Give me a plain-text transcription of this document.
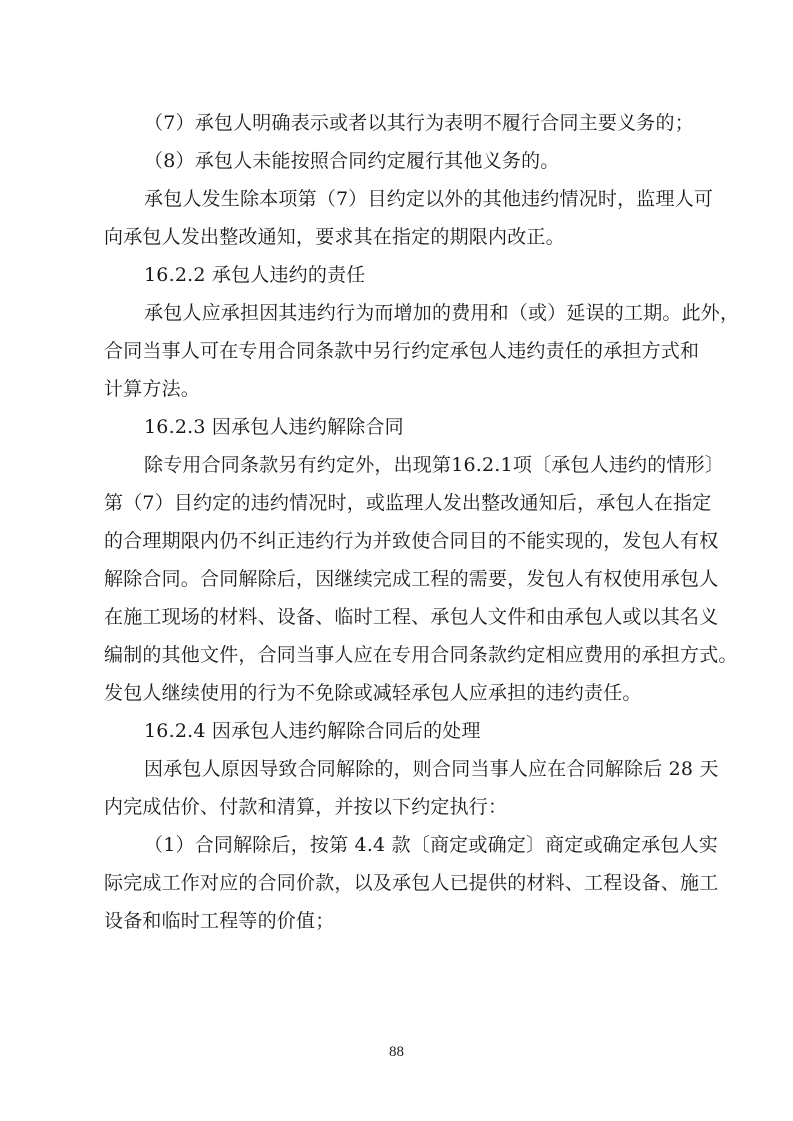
（7）承包人明确表示或者以其行为表明不履行合同主要义务的；
（8）承包人未能按照合同约定履行其他义务的。
承包人发生除本项第（7）目约定以外的其他违约情况时，监理人可
向承包人发出整改通知，要求其在指定的期限内改正。
16.2.2 承包人违约的责任
承包人应承担因其违约行为而增加的费用和（或）延误的工期。此外，
合同当事人可在专用合同条款中另行约定承包人违约责任的承担方式和
计算方法。
16.2.3 因承包人违约解除合同
除专用合同条款另有约定外，出现第16.2.1项〔承包人违约的情形〕
第（7）目约定的违约情况时，或监理人发出整改通知后，承包人在指定
的合理期限内仍不纠正违约行为并致使合同目的不能实现的，发包人有权
解除合同。合同解除后，因继续完成工程的需要，发包人有权使用承包人
在施工现场的材料、设备、临时工程、承包人文件和由承包人或以其名义
编制的其他文件，合同当事人应在专用合同条款约定相应费用的承担方式。
发包人继续使用的行为不免除或减轻承包人应承担的违约责任。
16.2.4 因承包人违约解除合同后的处理
因承包人原因导致合同解除的，则合同当事人应在合同解除后 28 天
内完成估价、付款和清算，并按以下约定执行：
（1）合同解除后，按第 4.4 款〔商定或确定〕商定或确定承包人实
际完成工作对应的合同价款，以及承包人已提供的材料、工程设备、施工
设备和临时工程等的价值；
88
